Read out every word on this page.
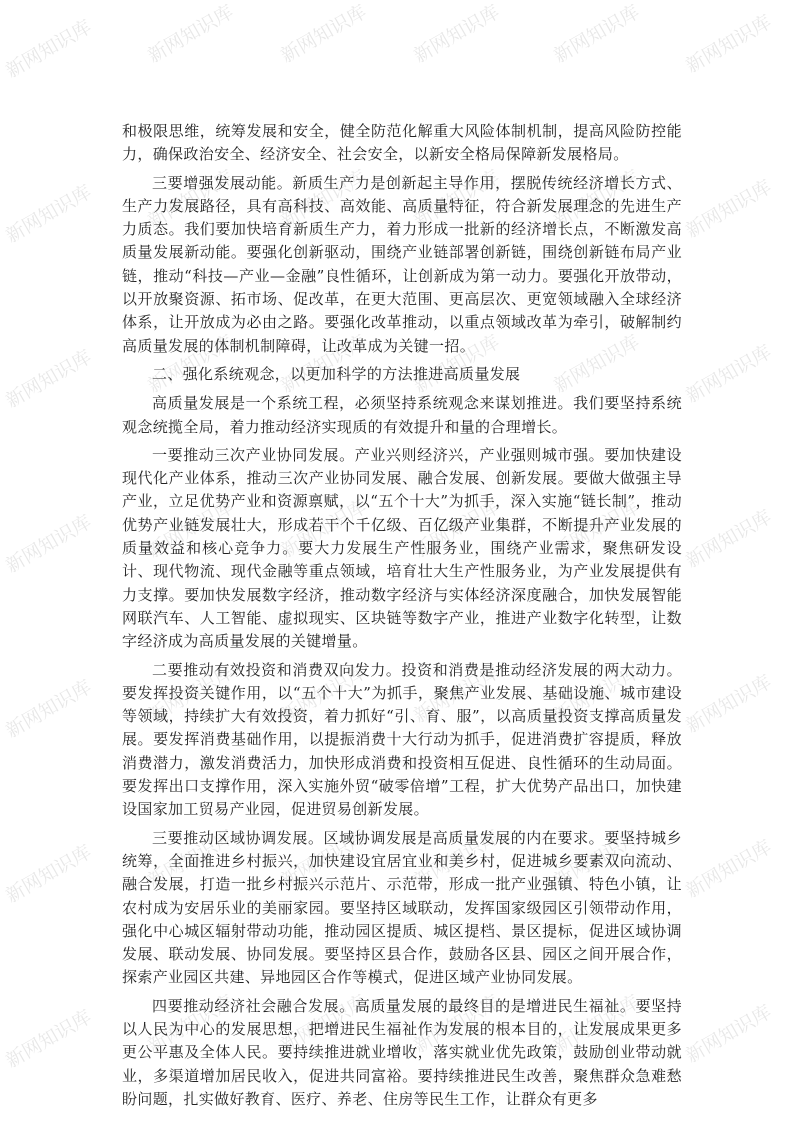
和极限思维，统筹发展和安全，健全防范化解重大风险体制机制，提高风险防控能力，确保政治安全、经济安全、社会安全，以新安全格局保障新发展格局。

三要增强发展动能。新质生产力是创新起主导作用，摆脱传统经济增长方式、生产力发展路径，具有高科技、高效能、高质量特征，符合新发展理念的先进生产力质态。我们要加快培育新质生产力，着力形成一批新的经济增长点，不断激发高质量发展新动能。要强化创新驱动，围绕产业链部署创新链，围绕创新链布局产业链，推动“科技—产业—金融”良性循环，让创新成为第一动力。要强化开放带动，以开放聚资源、拓市场、促改革，在更大范围、更高层次、更宽领域融入全球经济体系，让开放成为必由之路。要强化改革推动，以重点领域改革为牵引，破解制约高质量发展的体制机制障碍，让改革成为关键一招。

二、强化系统观念，以更加科学的方法推进高质量发展

高质量发展是一个系统工程，必须坚持系统观念来谋划推进。我们要坚持系统观念统揽全局，着力推动经济实现质的有效提升和量的合理增长。

一要推动三次产业协同发展。产业兴则经济兴，产业强则城市强。要加快建设现代化产业体系，推动三次产业协同发展、融合发展、创新发展。要做大做强主导产业，立足优势产业和资源禀赋，以“五个十大”为抓手，深入实施“链长制”，推动优势产业链发展壮大，形成若干个千亿级、百亿级产业集群，不断提升产业发展的质量效益和核心竞争力。要大力发展生产性服务业，围绕产业需求，聚焦研发设计、现代物流、现代金融等重点领域，培育壮大生产性服务业，为产业发展提供有力支撑。要加快发展数字经济，推动数字经济与实体经济深度融合，加快发展智能网联汽车、人工智能、虚拟现实、区块链等数字产业，推进产业数字化转型，让数字经济成为高质量发展的关键增量。

二要推动有效投资和消费双向发力。投资和消费是推动经济发展的两大动力。要发挥投资关键作用，以“五个十大”为抓手，聚焦产业发展、基础设施、城市建设等领域，持续扩大有效投资，着力抓好“引、育、服”，以高质量投资支撑高质量发展。要发挥消费基础作用，以提振消费十大行动为抓手，促进消费扩容提质，释放消费潜力，激发消费活力，加快形成消费和投资相互促进、良性循环的生动局面。要发挥出口支撑作用，深入实施外贸“破零倍增”工程，扩大优势产品出口，加快建设国家加工贸易产业园，促进贸易创新发展。

三要推动区域协调发展。区域协调发展是高质量发展的内在要求。要坚持城乡统筹，全面推进乡村振兴，加快建设宜居宜业和美乡村，促进城乡要素双向流动、融合发展，打造一批乡村振兴示范片、示范带，形成一批产业强镇、特色小镇，让农村成为安居乐业的美丽家园。要坚持区域联动，发挥国家级园区引领带动作用，强化中心城区辐射带动功能，推动园区提质、城区提档、景区提标，促进区域协调发展、联动发展、协同发展。要坚持区县合作，鼓励各区县、园区之间开展合作，探索产业园区共建、异地园区合作等模式，促进区域产业协同发展。

四要推动经济社会融合发展。高质量发展的最终目的是增进民生福祉。要坚持以人民为中心的发展思想，把增进民生福祉作为发展的根本目的，让发展成果更多更公平惠及全体人民。要持续推进就业增收，落实就业优先政策，鼓励创业带动就业，多渠道增加居民收入，促进共同富裕。要持续推进民生改善，聚焦群众急难愁盼问题，扎实做好教育、医疗、养老、住房等民生工作，让群众有更多

新网知识库	新网知识库 新网知识库 新网知识库 新网知识库 新网知识库
新网知识库	新网知识库 新网知识库 新网知识库 新网知识库 新网知识库
新网知识库	新网知识库 新网知识库 新网知识库 新网知识库 新网知识库
新网知识库	新网知识库 新网知识库 新网知识库 新网知识库 新网知识库
新网知识库	新网知识库 新网知识库 新网知识库 新网知识库 新网知识库
新网知识库	新网知识库 新网知识库 新网知识库 新网知识库 新网知识库
新网知识库	新网知识库 新网知识库 新网知识库 新网知识库 新网知识库
